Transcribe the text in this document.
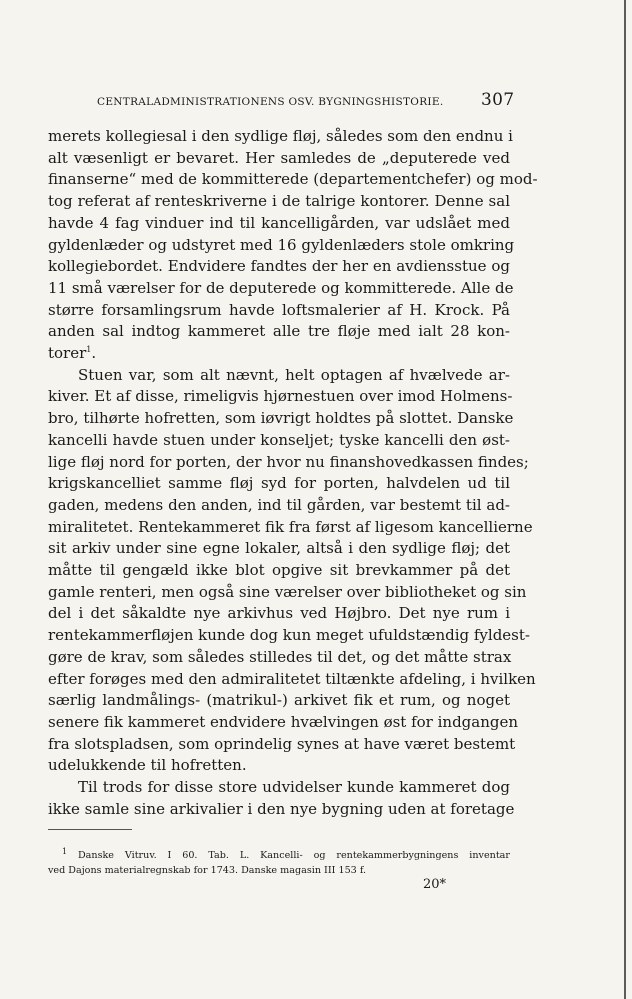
CENTRALADMINISTRATIONENS OSV. BYGNINGSHISTORIE. 307
merets kollegiesal i den sydlige fløj, således som den endnu i
alt væsenligt er bevaret. Her samledes de „deputerede ved
finanserne“ med de kommitterede (departementchefer) og mod-
tog referat af renteskriverne i de talrige kontorer. Denne sal
havde 4 fag vinduer ind til kancelligården, var udslået med
gyldenlæder og udstyret med 16 gyldenlæders stole omkring
kollegiebordet. Endvidere fandtes der her en avdiensstue og
11 små værelser for de deputerede og kommitterede. Alle de
større forsamlingsrum havde loftsmalerier af H. Krock. På
anden sal indtog kammeret alle tre fløje med ialt 28 kon-
torer$^1$.
Stuen var, som alt nævnt, helt optagen af hvælvede ar-
kiver. Et af disse, rimeligvis hjørnestuen over imod Holmens-
bro, tilhørte hofretten, som iøvrigt holdtes på slottet. Danske
kancelli havde stuen under konseljet; tyske kancelli den øst-
lige fløj nord for porten, der hvor nu finanshovedkassen findes;
krigskancelliet samme fløj syd for porten, halvdelen ud til
gaden, medens den anden, ind til gården, var bestemt til ad-
miralitetet. Rentekammeret fik fra først af ligesom kancellierne
sit arkiv under sine egne lokaler, altså i den sydlige fløj; det
måtte til gengæld ikke blot opgive sit brevkammer på det
gamle renteri, men også sine værelser over bibliotheket og sin
del i det såkaldte nye arkivhus ved Højbro. Det nye rum i
rentekammerfløjen kunde dog kun meget ufuldstændig fyldest-
gøre de krav, som således stilledes til det, og det måtte strax
efter forøges med den admiralitetet tiltænkte afdeling, i hvilken
særlig landmålings- (matrikul-) arkivet fik et rum, og noget
senere fik kammeret endvidere hvælvingen øst for indgangen
fra slotspladsen, som oprindelig synes at have været bestemt
udelukkende til hofretten.
Til trods for disse store udvidelser kunde kammeret dog
ikke samle sine arkivalier i den nye bygning uden at foretage
$^1$ Danske Vitruv. I 60. Tab. L. Kancelli- og rentekammerbygningens inventar
ved Dajons materialregnskab for 1743. Danske magasin III 153 f.
20*
